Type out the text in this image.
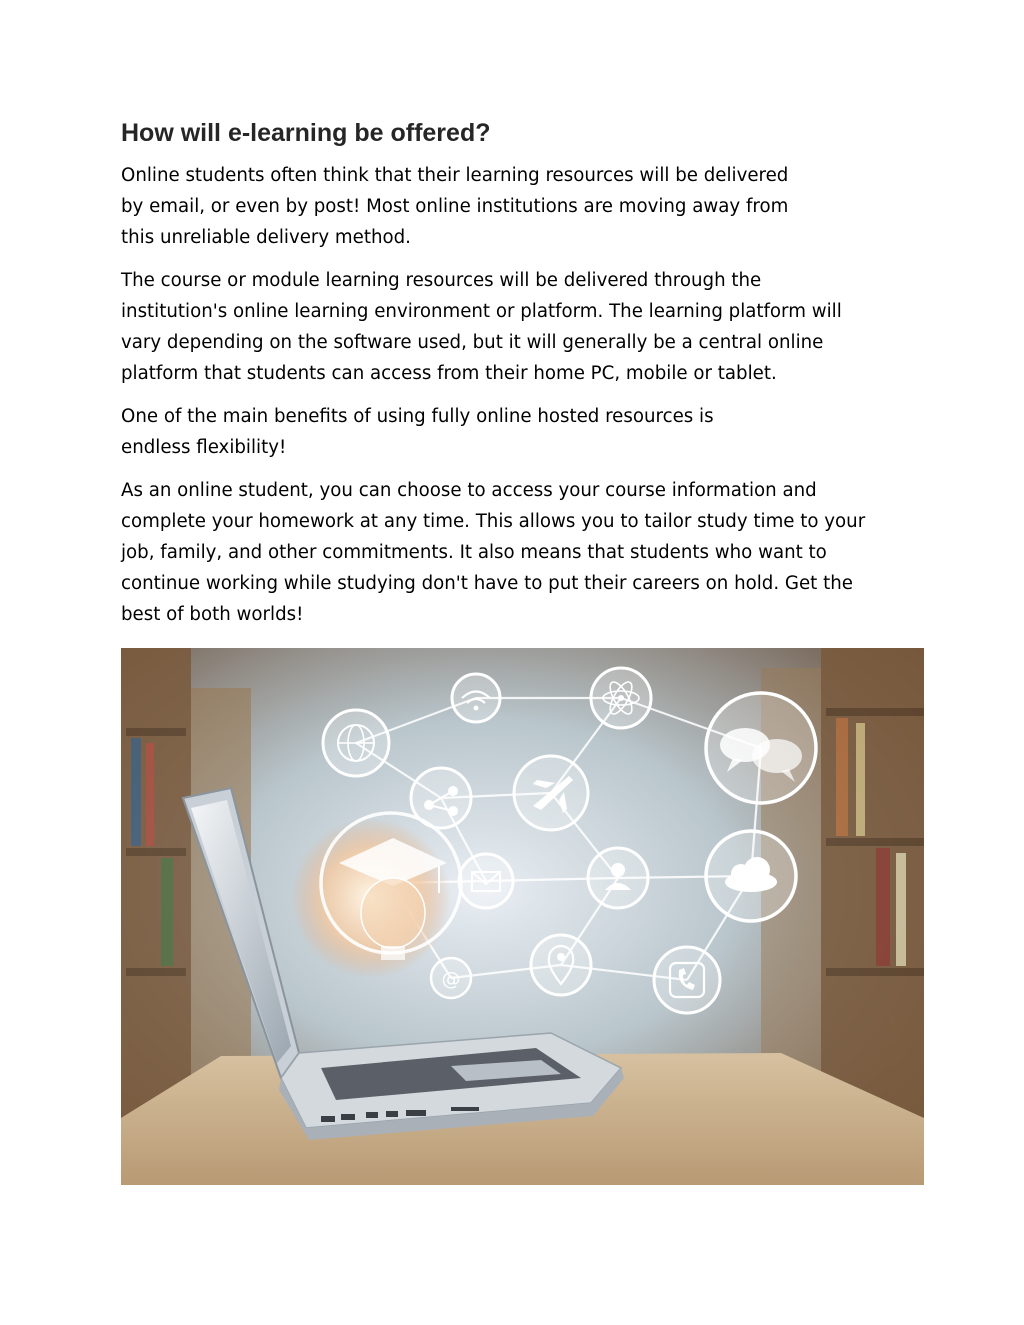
How will e-learning be offered?

Online students often think that their learning resources will be delivered
by email, or even by post! Most online institutions are moving away from
this unreliable delivery method.

The course or module learning resources will be delivered through the
institution's online learning environment or platform. The learning platform will
vary depending on the software used, but it will generally be a central online
platform that students can access from their home PC, mobile or tablet.

One of the main benefits of using fully online hosted resources is
endless flexibility!

As an online student, you can choose to access your course information and
complete your homework at any time. This allows you to tailor study time to your
job, family, and other commitments. It also means that students who want to
continue working while studying don't have to put their careers on hold. Get the
best of both worlds!

@
